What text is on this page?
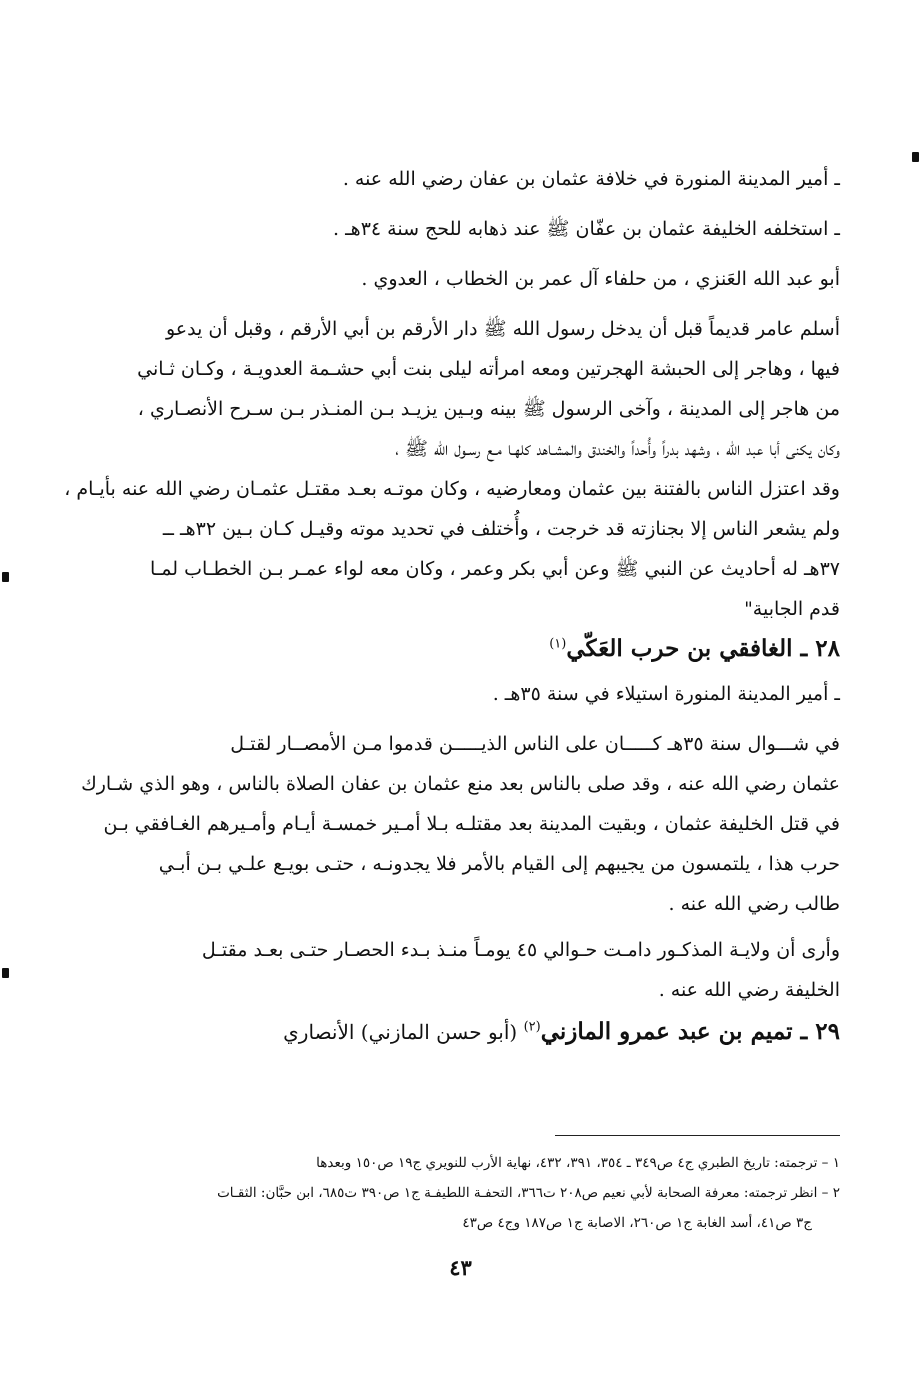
ـ أمير المدينة المنورة في خلافة عثمان بن عفان رضي الله عنه .

ـ استخلفه الخليفة عثمان بن عفّان ﷺ عند ذهابه للحج سنة ٣٤هـ .

أبو عبد الله العَنزي ، من حلفاء آل عمر بن الخطاب ، العدوي .

أسلم عامر قديماً قبل أن يدخل رسول الله ﷺ دار الأرقم بن أبي الأرقم ، وقبل أن يدعو

فيها ، وهاجر إلى الحبشة الهجرتين ومعه امرأته ليلى بنت أبي حشـمة العدويـة ، وكـان ثـاني

من هاجر إلى المدينة ، وآخى الرسول ﷺ بينه وبـين يزيـد بـن المنـذر بـن سـرح الأنصـاري ،

وكان يكنى أبا عبد الله ، وشهد بدراً وأُحداً والخندق والمشـاهد كلهـا مـع رسـول الله ﷺ ،

وقد اعتزل الناس بالفتنة بين عثمان ومعارضيه ، وكان موتـه بعـد مقتـل عثمـان رضي الله عنه بأيـام ،

ولم يشعر الناس إلا بجنازته قد خرجت ، وأُختلف في تحديد موته وقيـل كـان بـين ٣٢هـ ــ

٣٧هـ له أحاديث عن النبي ﷺ وعن أبي بكر وعمر ، وكان معه لواء عمـر بـن الخطـاب لمـا

قدم الجابية"

٢٨ ـ الغافقي بن حرب العَكّي$^{(١)}$

ـ أمير المدينة المنورة استيلاء في سنة ٣٥هـ .

في شـــوال سنة ٣٥هـ كـــــان على الناس الذيـــــن قدموا مـن الأمصــار لقتـل

عثمان رضي الله عنه ، وقد صلى بالناس بعد منع عثمان بن عفان الصلاة بالناس ، وهو الذي شـارك

في قتل الخليفة عثمان ، وبقيت المدينة بعد مقتلـه بـلا أمـير خمسـة أيـام وأمـيرهم الغـافقي بـن

حرب هذا ، يلتمسون من يجيبهم إلى القيام بالأمر فلا يجدونـه ، حتـى بويـع علـي بـن أبـي

طالب رضي الله عنه .

وأرى أن ولايـة المذكـور دامـت حـوالي ٤٥ يومـاً منـذ بـدء الحصـار حتـى بعـد مقتـل

الخليفة رضي الله عنه .

٢٩ ـ تميم بن عبد عمرو المازني$^{(٢)}$ (أبو حسن المازني) الأنصاري

١ – ترجمته: تاريخ الطبري ج٤ ص٣٤٩ ـ ٣٥٤، ٣٩١، ٤٣٢، نهاية الأرب للنويري ج١٩ ص١٥٠ وبعدها

٢ – انظر ترجمته: معرفة الصحابة لأبي نعيم ص٢٠٨ ت٣٦٦، التحفـة اللطيفـة ج١ ص٣٩٠ ت٦٨٥، ابن حبَّان: الثقـات

ج٣ ص٤١، أسد الغابة ج١ ص٢٦٠، الاصابة ج١ ص١٨٧ وج٤ ص٤٣

٤٣
